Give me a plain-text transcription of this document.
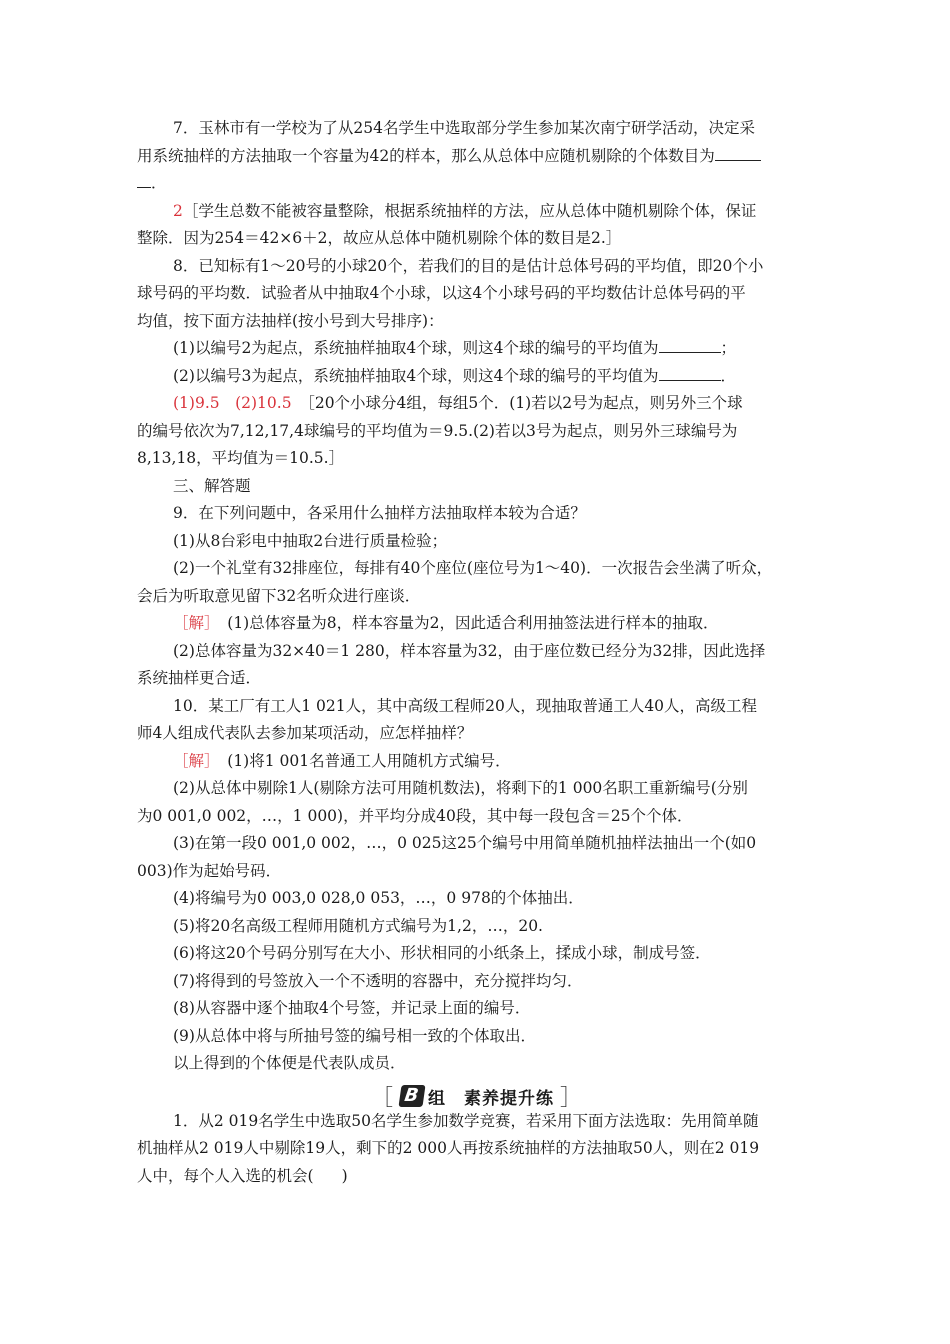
7．玉林市有一学校为了从254名学生中选取部分学生参加某次南宁研学活动，决定采
用系统抽样的方法抽取一个容量为42的样本，那么从总体中应随机剔除的个体数目为
．
2［学生总数不能被容量整除，根据系统抽样的方法，应从总体中随机剔除个体，保证
整除．因为254＝42×6＋2，故应从总体中随机剔除个体的数目是2.］
8．已知标有1～20号的小球20个，若我们的目的是估计总体号码的平均值，即20个小
球号码的平均数．试验者从中抽取4个小球，以这4个小球号码的平均数估计总体号码的平
均值，按下面方法抽样(按小号到大号排序)：
(1)以编号2为起点，系统抽样抽取4个球，则这4个球的编号的平均值为	；
(2)以编号3为起点，系统抽样抽取4个球，则这4个球的编号的平均值为	．
(1)9.5　(2)10.5　［20个小球分4组，每组5个．(1)若以2号为起点，则另外三个球
的编号依次为7,12,17,4球编号的平均值为＝9.5.(2)若以3号为起点，则另外三球编号为
8,13,18，平均值为＝10.5.］
三、解答题
9．在下列问题中，各采用什么抽样方法抽取样本较为合适？
(1)从8台彩电中抽取2台进行质量检验；
(2)一个礼堂有32排座位，每排有40个座位(座位号为1～40)．一次报告会坐满了听众，
会后为听取意见留下32名听众进行座谈．
［解］　(1)总体容量为8，样本容量为2，因此适合利用抽签法进行样本的抽取．
(2)总体容量为32×40＝1 280，样本容量为32，由于座位数已经分为32排，因此选择
系统抽样更合适．
10．某工厂有工人1 021人，其中高级工程师20人，现抽取普通工人40人，高级工程
师4人组成代表队去参加某项活动，应怎样抽样？
［解］　(1)将1 001名普通工人用随机方式编号．
(2)从总体中剔除1人(剔除方法可用随机数法)，将剩下的1 000名职工重新编号(分别
为0 001,0 002，…，1 000)，并平均分成40段，其中每一段包含＝25个个体．
(3)在第一段0 001,0 002，…，0 025这25个编号中用简单随机抽样法抽出一个(如0
003)作为起始号码．
(4)将编号为0 003,0 028,0 053，…，0 978的个体抽出．
(5)将20名高级工程师用随机方式编号为1,2，…，20.
(6)将这20个号码分别写在大小、形状相同的小纸条上，揉成小球，制成号签．
(7)将得到的号签放入一个不透明的容器中，充分搅拌均匀．
(8)从容器中逐个抽取4个号签，并记录上面的编号．
(9)从总体中将与所抽号签的编号相一致的个体取出．
以上得到的个体便是代表队成员．
［ B 组　素养提升练 ］
1．从2 019名学生中选取50名学生参加数学竞赛，若采用下面方法选取：先用简单随
机抽样从2 019人中剔除19人，剩下的2 000人再按系统抽样的方法抽取50人，则在2 019
人中，每个人入选的机会( )
